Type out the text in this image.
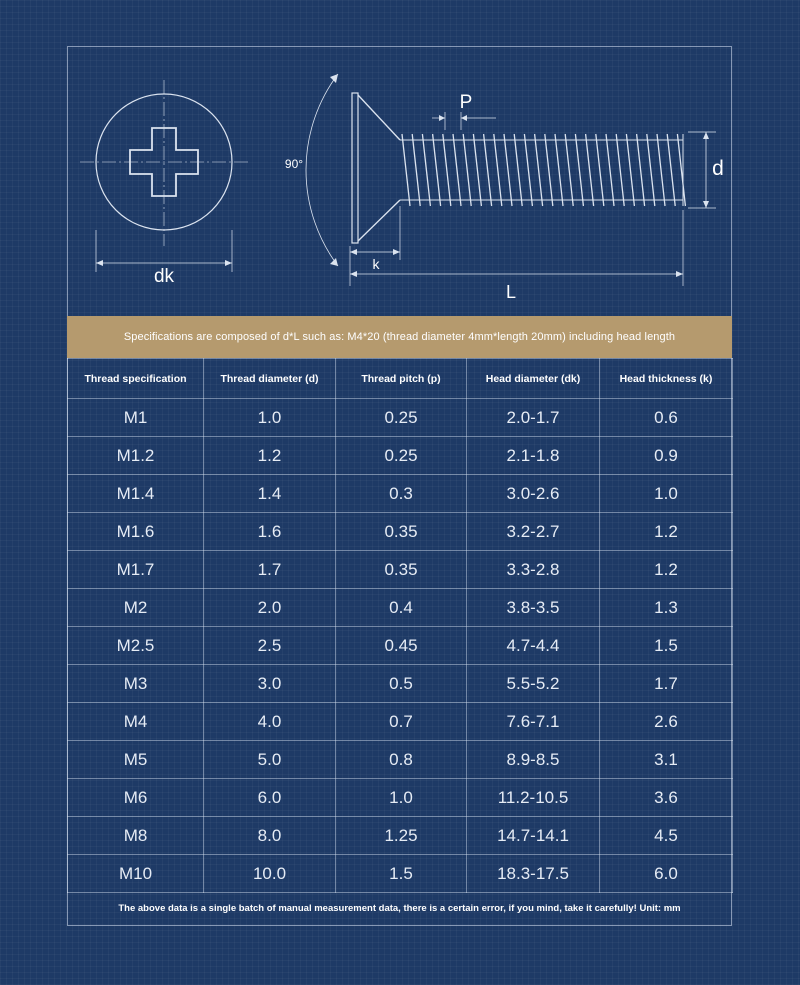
dk
90°
P
k
d
L
Specifications are composed of d*L such as: M4*20 (thread diameter 4mm*length 20mm) including head length
Thread specification	Thread diameter (d)	Thread pitch (p)	Head diameter (dk)	Head thickness (k)
M1	1.0	0.25	2.0-1.7	0.6
M1.2	1.2	0.25	2.1-1.8	0.9
M1.4	1.4	0.3	3.0-2.6	1.0
M1.6	1.6	0.35	3.2-2.7	1.2
M1.7	1.7	0.35	3.3-2.8	1.2
M2	2.0	0.4	3.8-3.5	1.3
M2.5	2.5	0.45	4.7-4.4	1.5
M3	3.0	0.5	5.5-5.2	1.7
M4	4.0	0.7	7.6-7.1	2.6
M5	5.0	0.8	8.9-8.5	3.1
M6	6.0	1.0	11.2-10.5	3.6
M8	8.0	1.25	14.7-14.1	4.5
M10	10.0	1.5	18.3-17.5	6.0
The above data is a single batch of manual measurement data, there is a certain error, if you mind, take it carefully! Unit: mm
